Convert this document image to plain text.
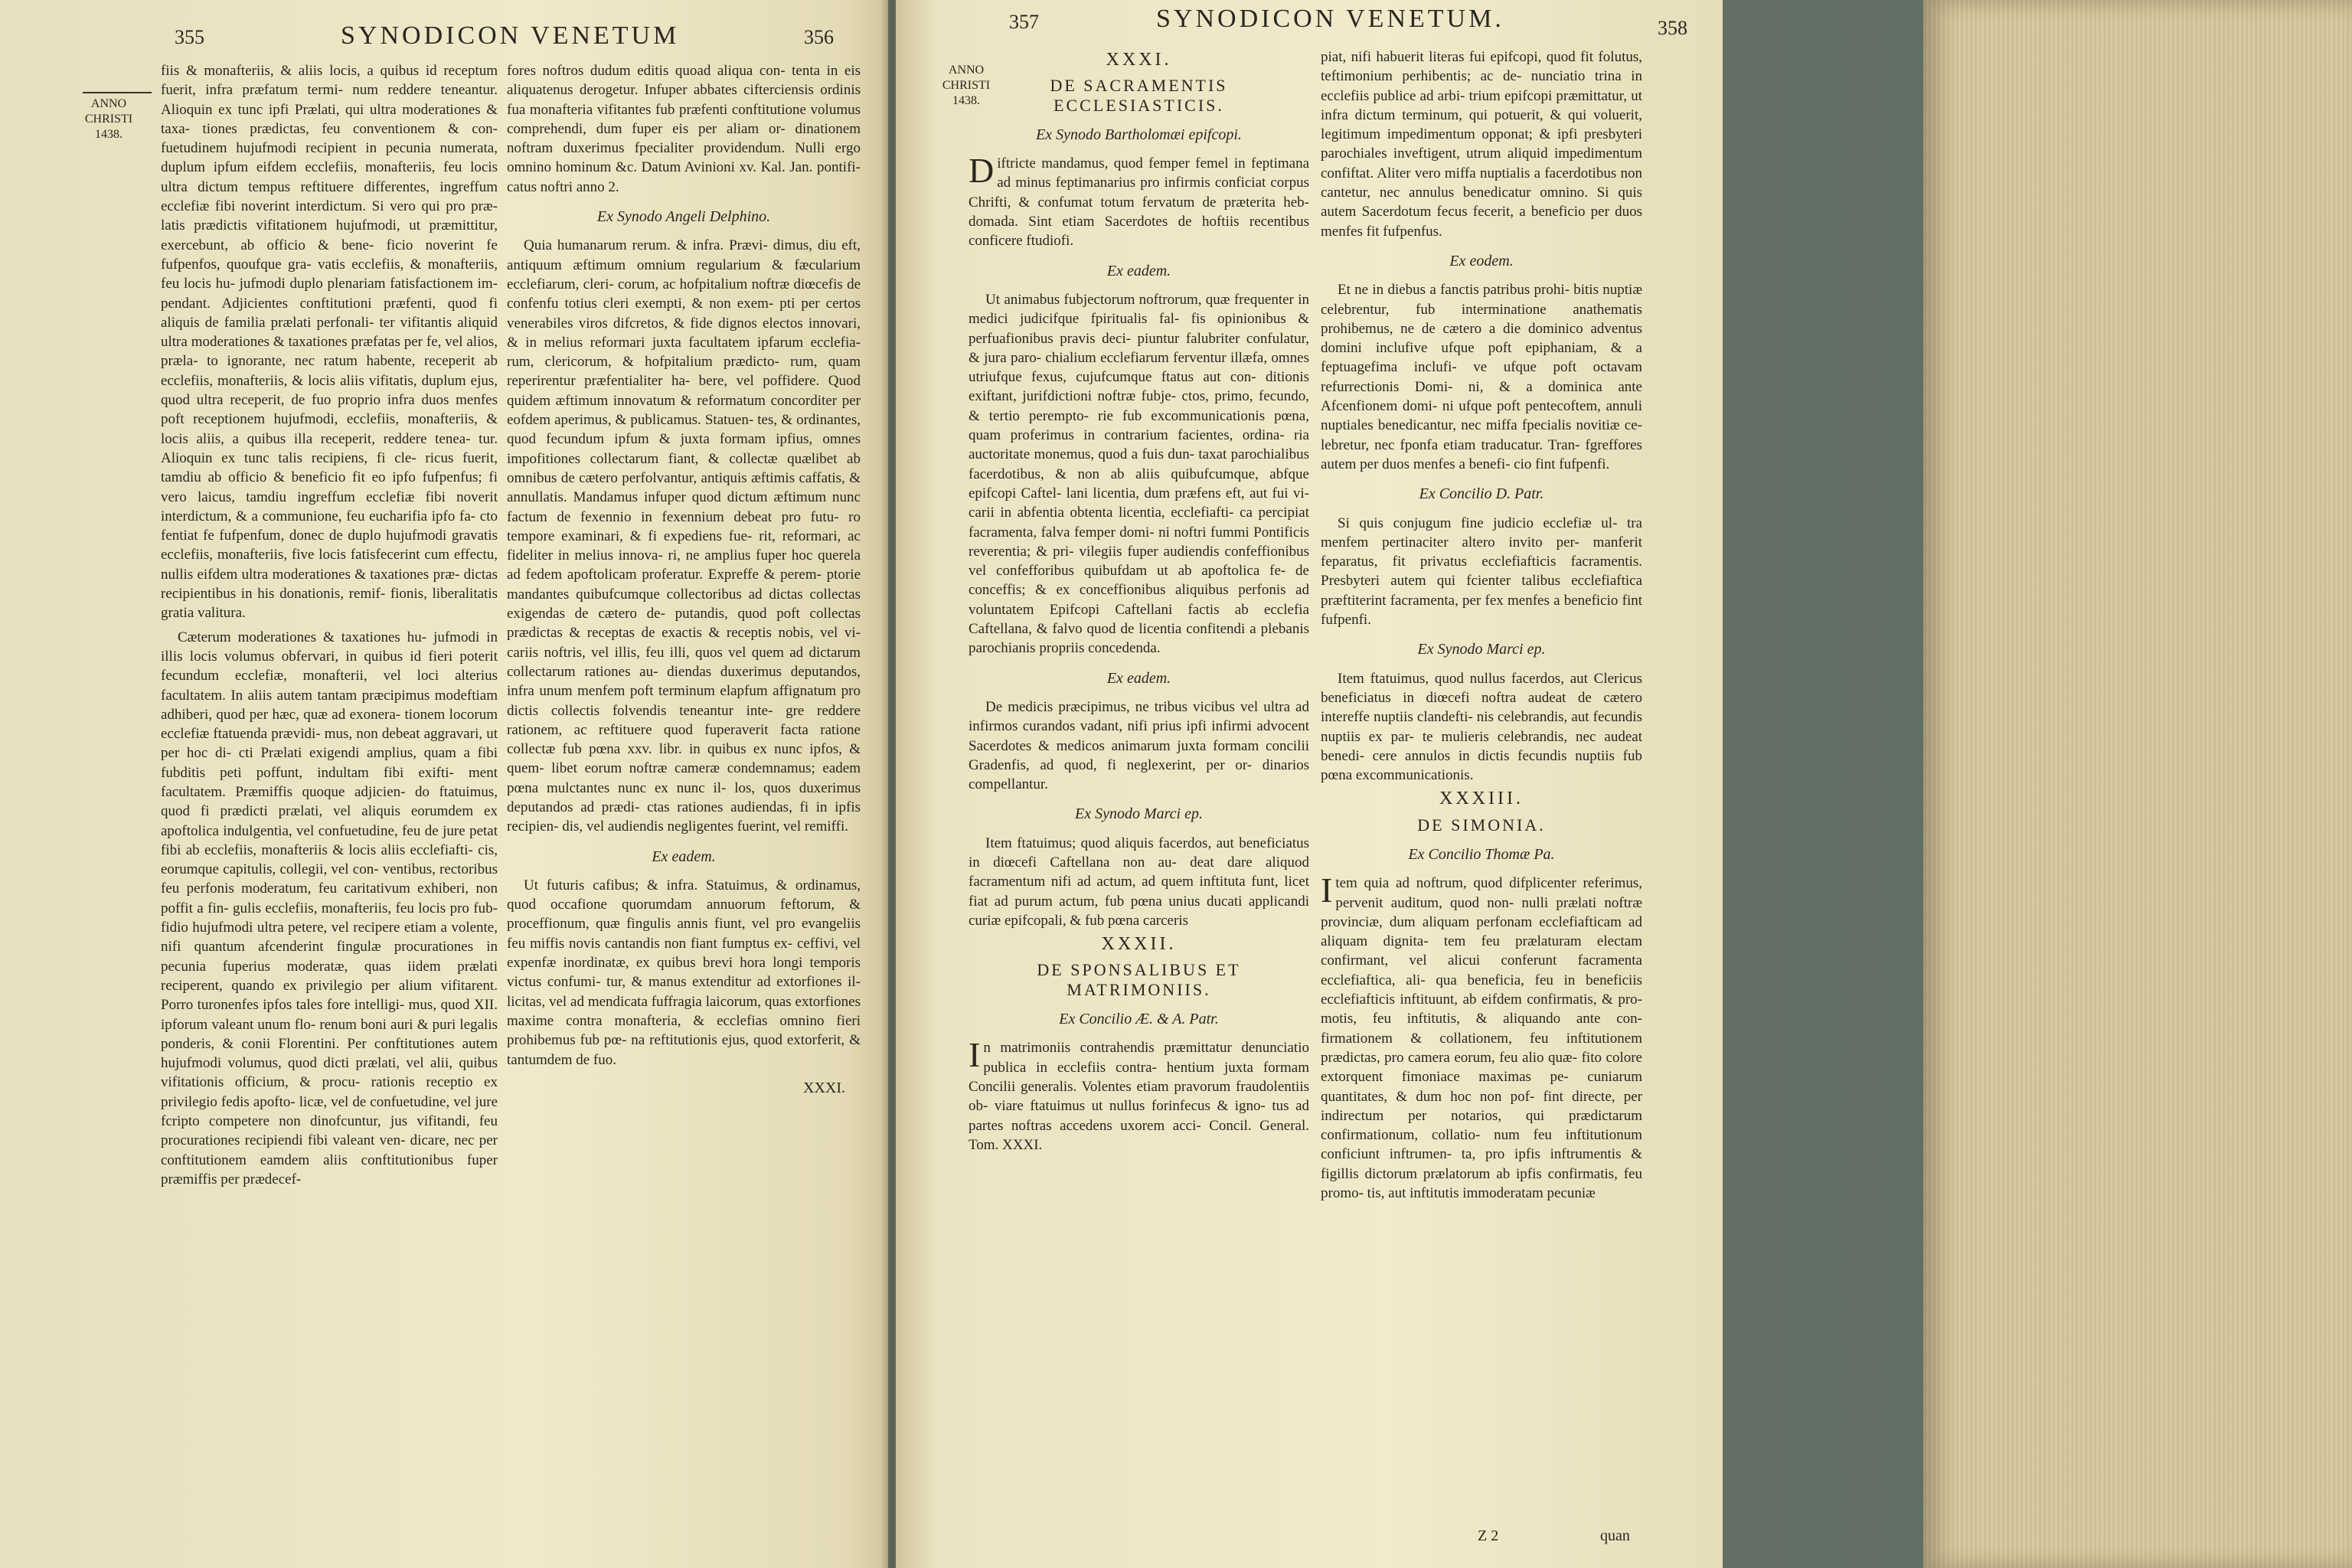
355	SYNODICON VENETUM	356
ANNO
CHRISTI
1438.

fiis & monafteriis, & aliis locis, a quibus id receptum fuerit, infra præfatum termi- num reddere teneantur. Alioquin ex tunc ipfi Prælati, qui ultra moderationes & taxa- tiones prædictas, feu conventionem & con- fuetudinem hujufmodi recipient in pecunia numerata, duplum ipfum eifdem ecclefiis, monafteriis, feu locis ultra dictum tempus reftituere differentes, ingreffum ecclefiæ fibi noverint interdictum. Si vero qui pro præ- latis prædictis vifitationem hujufmodi, ut præmittitur, exercebunt, ab officio & bene- ficio noverint fe fufpenfos, quoufque gra- vatis ecclefiis, & monafteriis, feu locis hu- jufmodi duplo plenariam fatisfactionem im- pendant. Adjicientes conftitutioni præfenti, quod fi aliquis de familia prælati perfonali- ter vifitantis aliquid ultra moderationes & taxationes præfatas per fe, vel alios, præla- to ignorante, nec ratum habente, receperit ab ecclefiis, monafteriis, & locis aliis vifitatis, duplum ejus, quod ultra receperit, de fuo proprio infra duos menfes poft receptionem hujufmodi, ecclefiis, monafteriis, & locis aliis, a quibus illa receperit, reddere tenea- tur. Alioquin ex tunc talis recipiens, fi cle- ricus fuerit, tamdiu ab officio & beneficio fit eo ipfo fufpenfus; fi vero laicus, tamdiu ingreffum ecclefiæ fibi noverit interdictum, & a communione, feu eucharifia ipfo fa- cto fentiat fe fufpenfum, donec de duplo hujufmodi gravatis ecclefiis, monafteriis, five locis fatisfecerint cum effectu, nullis eifdem ultra moderationes & taxationes præ- dictas recipientibus in his donationis, remif- fionis, liberalitatis gratia valitura.

Cæterum moderationes & taxationes hu- jufmodi in illis locis volumus obfervari, in quibus id fieri poterit fecundum ecclefiæ, monafterii, vel loci alterius facultatem. In aliis autem tantam præcipimus modeftiam adhiberi, quod per hæc, quæ ad exonera- tionem locorum ecclefiæ ftatuenda prævidi- mus, non debeat aggravari, ut per hoc di- cti Prælati exigendi amplius, quam a fibi fubditis peti poffunt, indultam fibi exifti- ment facultatem. Præmiffis quoque adjicien- do ftatuimus, quod fi prædicti prælati, vel aliquis eorumdem ex apoftolica indulgentia, vel confuetudine, feu de jure petat fibi ab ecclefiis, monafteriis & locis aliis ecclefiafti- cis, eorumque capitulis, collegii, vel con- ventibus, rectoribus feu perfonis moderatum, feu caritativum exhiberi, non poffit a fin- gulis ecclefiis, monafteriis, feu locis pro fub- fidio hujufmodi ultra petere, vel recipere etiam a volente, nifi quantum afcenderint fingulæ procurationes in pecunia fuperius moderatæ, quas iidem prælati reciperent, quando ex privilegio per alium vifitarent. Porro turonenfes ipfos tales fore intelligi- mus, quod XII. ipforum valeant unum flo- renum boni auri & puri legalis ponderis, & conii Florentini. Per conftitutiones autem hujufmodi volumus, quod dicti prælati, vel alii, quibus vifitationis officium, & procu- rationis receptio ex privilegio fedis apofto- licæ, vel de confuetudine, vel jure fcripto competere non dinofcuntur, jus vifitandi, feu procurationes recipiendi fibi valeant ven- dicare, nec per conftitutionem eamdem aliis conftitutionibus fuper præmiffis per prædecef-

fores noftros dudum editis quoad aliqua con- tenta in eis aliquatenus derogetur. Infuper abbates cifterciensis ordinis fua monafteria vifitantes fub præfenti conftitutione volumus comprehendi, dum fuper eis per aliam or- dinationem noftram duxerimus fpecialiter providendum. Nulli ergo omnino hominum &c. Datum Avinioni xv. Kal. Jan. pontifi- catus noftri anno 2.

Ex Synodo Angeli Delphino.

Quia humanarum rerum. & infra. Prævi- dimus, diu eft, antiquum æftimum omnium regularium & fæcularium ecclefiarum, cleri- corum, ac hofpitalium noftræ diœcefis de confenfu totius cleri exempti, & non exem- pti per certos venerabiles viros difcretos, & fide dignos electos innovari, & in melius reformari juxta facultatem ipfarum ecclefia- rum, clericorum, & hofpitalium prædicto- rum, quam reperirentur præfentialiter ha- bere, vel poffidere. Quod quidem æftimum innovatum & reformatum concorditer per eofdem aperimus, & publicamus. Statuen- tes, & ordinantes, quod fecundum ipfum & juxta formam ipfius, omnes impofitiones collectarum fiant, & collectæ quælibet ab omnibus de cætero perfolvantur, antiquis æftimis caffatis, & annullatis. Mandamus infuper quod dictum æftimum nunc factum de fexennio in fexennium debeat pro futu- ro tempore examinari, & fi expediens fue- rit, reformari, ac fideliter in melius innova- ri, ne amplius fuper hoc querela ad fedem apoftolicam proferatur. Expreffe & perem- ptorie mandantes quibufcumque collectoribus ad dictas collectas exigendas de cætero de- putandis, quod poft collectas prædictas & receptas de exactis & receptis nobis, vel vi- cariis noftris, vel illis, feu illi, quos vel quem ad dictarum collectarum rationes au- diendas duxerimus deputandos, infra unum menfem poft terminum elapfum affignatum pro dictis collectis folvendis teneantur inte- gre reddere rationem, ac reftituere quod fuperaverit facta ratione collectæ fub pœna xxv. libr. in quibus ex nunc ipfos, & quem- libet eorum noftræ cameræ condemnamus; eadem pœna mulctantes nunc ex nunc il- los, quos duxerimus deputandos ad prædi- ctas rationes audiendas, fi in ipfis recipien- dis, vel audiendis negligentes fuerint, vel remiffi.

Ex eadem.

Ut futuris cafibus; & infra. Statuimus, & ordinamus, quod occafione quorumdam annuorum feftorum, & proceffionum, quæ fingulis annis fiunt, vel pro evangeliis feu miffis novis cantandis non fiant fumptus ex- ceffivi, vel expenfæ inordinatæ, ex quibus brevi hora longi temporis victus confumi- tur, & manus extenditur ad extorfiones il- licitas, vel ad mendicata fuffragia laicorum, quas extorfiones maxime contra monafteria, & ecclefias omnino fieri prohibemus fub pœ- na reftitutionis ejus, quod extorferit, & tantumdem de fuo.

XXXI.
357	SYNODICON VENETUM.	358
ANNO
CHRISTI
1438.
XXXI.
DE SACRAMENTIS ECCLESIASTICIS.
Ex Synodo Bartholomæi epifcopi.

Diftricte mandamus, quod femper femel in feptimana ad minus feptimanarius pro infirmis conficiat corpus Chrifti, & confumat totum fervatum de præterita heb- domada. Sint etiam Sacerdotes de hoftiis recentibus conficere ftudiofi.

Ex eadem.

Ut animabus fubjectorum noftrorum, quæ frequenter in medici judicifque fpiritualis fal- fis opinionibus & perfuafionibus pravis deci- piuntur falubriter confulatur, & jura paro- chialium ecclefiarum ferventur illæfa, omnes utriufque fexus, cujufcumque ftatus aut con- ditionis exiftant, jurifdictioni noftræ fubje- ctos, primo, fecundo, & tertio perempto- rie fub excommunicationis pœna, quam proferimus in contrarium facientes, ordina- ria auctoritate monemus, quod a fuis dun- taxat parochialibus facerdotibus, & non ab aliis quibufcumque, abfque epifcopi Caftel- lani licentia, dum præfens eft, aut fui vi- carii in abfentia obtenta licentia, ecclefiafti- ca percipiat facramenta, falva femper domi- ni noftri fummi Pontificis reverentia; & pri- vilegiis fuper audiendis confeffionibus vel confefforibus quibufdam ut ab apoftolica fe- de conceffis; & ex conceffionibus aliquibus perfonis ad voluntatem Epifcopi Caftellani factis ab ecclefia Caftellana, & falvo quod de licentia confitendi a plebanis parochianis propriis concedenda.

Ex eadem.

De medicis præcipimus, ne tribus vicibus vel ultra ad infirmos curandos vadant, nifi prius ipfi infirmi advocent Sacerdotes & medicos animarum juxta formam concilii Gradenfis, ad quod, fi neglexerint, per or- dinarios compellantur.

Ex Synodo Marci ep.

Item ftatuimus; quod aliquis facerdos, aut beneficiatus in diœcefi Caftellana non au- deat dare aliquod facramentum nifi ad actum, ad quem inftituta funt, licet fiat ad purum actum, fub pœna unius ducati applicandi curiæ epifcopali, & fub pœna carceris

XXXII.
DE SPONSALIBUS ET MATRIMONIIS.
Ex Concilio Æ. & A. Patr.

In matrimoniis contrahendis præmittatur denunciatio publica in ecclefiis contra- hentium juxta formam Concilii generalis. Volentes etiam pravorum fraudolentiis ob- viare ftatuimus ut nullus forinfecus & igno- tus ad partes noftras accedens uxorem acci- Concil. General. Tom. XXXI.

piat, nifi habuerit literas fui epifcopi, quod fit folutus, teftimonium perhibentis; ac de- nunciatio trina in ecclefiis publice ad arbi- trium epifcopi præmittatur, ut infra dictum terminum, qui potuerit, & qui voluerit, legitimum impedimentum opponat; & ipfi presbyteri parochiales inveftigent, utrum aliquid impedimentum confiftat. Aliter vero miffa nuptialis a facerdotibus non cantetur, nec annulus benedicatur omnino. Si quis autem Sacerdotum fecus fecerit, a beneficio per duos menfes fit fufpenfus.

Ex eodem.

Et ne in diebus a fanctis patribus prohi- bitis nuptiæ celebrentur, fub interminatione anathematis prohibemus, ne de cætero a die dominico adventus domini inclufive ufque poft epiphaniam, & a feptuagefima inclufi- ve ufque poft octavam refurrectionis Domi- ni, & a dominica ante Afcenfionem domi- ni ufque poft pentecoftem, annuli nuptiales benedicantur, nec miffa fpecialis novitiæ ce- lebretur, nec fponfa etiam traducatur. Tran- fgreffores autem per duos menfes a benefi- cio fint fufpenfi.

Ex Concilio D. Patr.

Si quis conjugum fine judicio ecclefiæ ul- tra menfem pertinaciter altero invito per- manferit feparatus, fit privatus ecclefiafticis facramentis. Presbyteri autem qui fcienter talibus ecclefiaftica præftiterint facramenta, per fex menfes a beneficio fint fufpenfi.

Ex Synodo Marci ep.

Item ftatuimus, quod nullus facerdos, aut Clericus beneficiatus in diœcefi noftra audeat de cætero intereffe nuptiis clandefti- nis celebrandis, aut fecundis nuptiis ex par- te mulieris celebrandis, nec audeat benedi- cere annulos in dictis fecundis nuptiis fub pœna excommunicationis.

XXXIII.
DE SIMONIA.
Ex Concilio Thomæ Pa.

Item quia ad noftrum, quod difplicenter referimus, pervenit auditum, quod non- nulli prælati noftræ provinciæ, dum aliquam perfonam ecclefiafticam ad aliquam dignita- tem feu prælaturam electam confirmant, vel alicui conferunt facramenta ecclefiaftica, ali- qua beneficia, feu in beneficiis ecclefiafticis inftituunt, ab eifdem confirmatis, & pro- motis, feu inftitutis, & aliquando ante con- firmationem & collationem, feu inftitutionem prædictas, pro camera eorum, feu alio quæ- fito colore extorquent fimoniace maximas pe- cuniarum quantitates, & dum hoc non pof- fint directe, per indirectum per notarios, qui prædictarum confirmationum, collatio- num feu inftitutionum conficiunt inftrumen- ta, pro ipfis inftrumentis & figillis dictorum prælatorum ab ipfis confirmatis, feu promo- tis, aut inftitutis immoderatam pecuniæ

Z 2	quan
